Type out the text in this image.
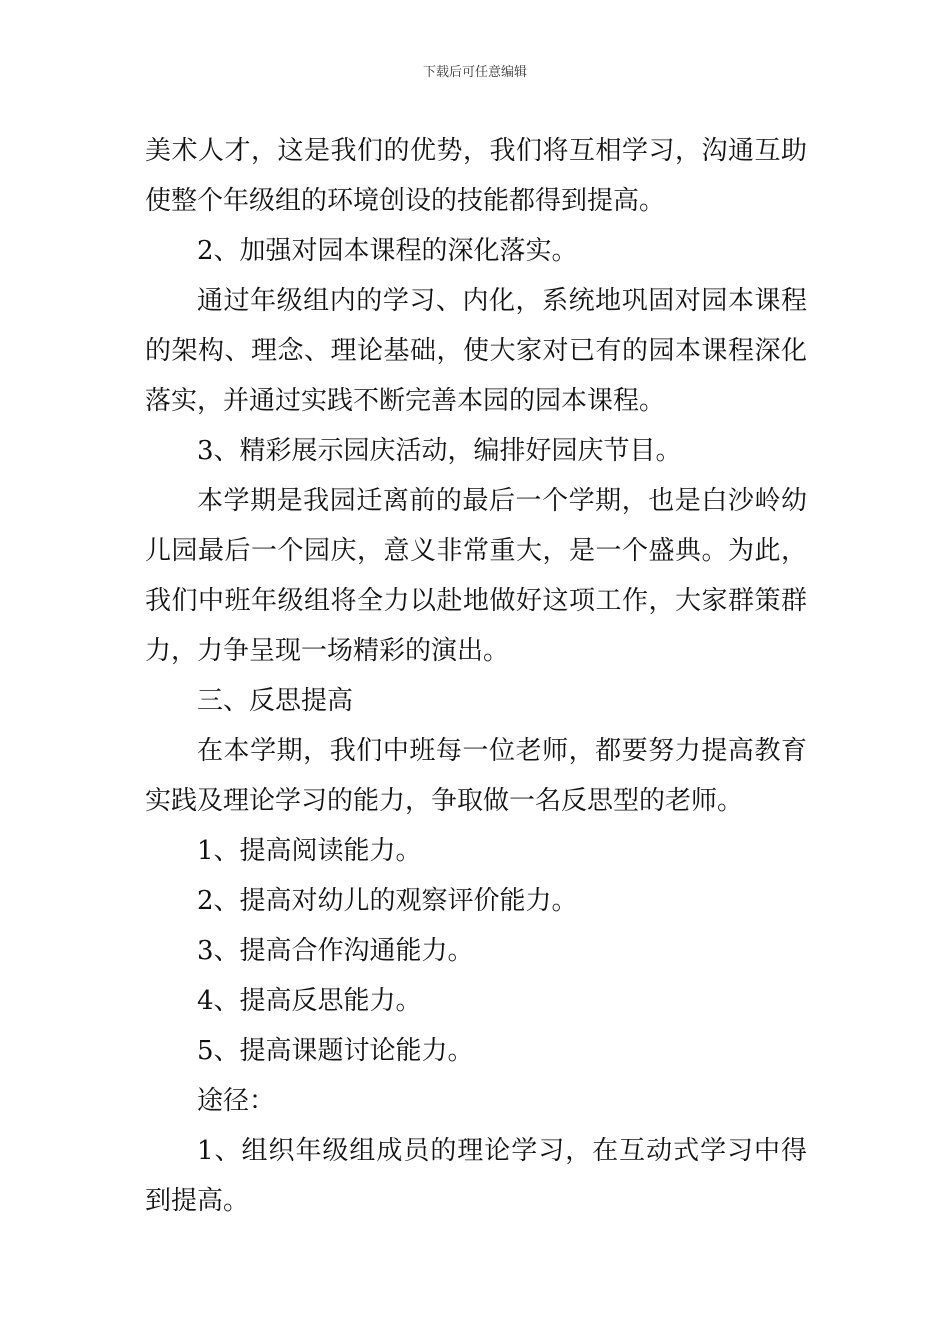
下载后可任意编辑

美术人才，这是我们的优势，我们将互相学习，沟通互助使整个年级组的环境创设的技能都得到提高。

2、加强对园本课程的深化落实。

通过年级组内的学习、内化，系统地巩固对园本课程的架构、理念、理论基础，使大家对已有的园本课程深化落实，并通过实践不断完善本园的园本课程。

3、精彩展示园庆活动，编排好园庆节目。

本学期是我园迁离前的最后一个学期，也是白沙岭幼儿园最后一个园庆，意义非常重大，是一个盛典。为此，我们中班年级组将全力以赴地做好这项工作，大家群策群力，力争呈现一场精彩的演出。

三、反思提高

在本学期，我们中班每一位老师，都要努力提高教育实践及理论学习的能力，争取做一名反思型的老师。

1、提高阅读能力。

2、提高对幼儿的观察评价能力。

3、提高合作沟通能力。

4、提高反思能力。

5、提高课题讨论能力。

途径：

1、组织年级组成员的理论学习，在互动式学习中得到提高。
